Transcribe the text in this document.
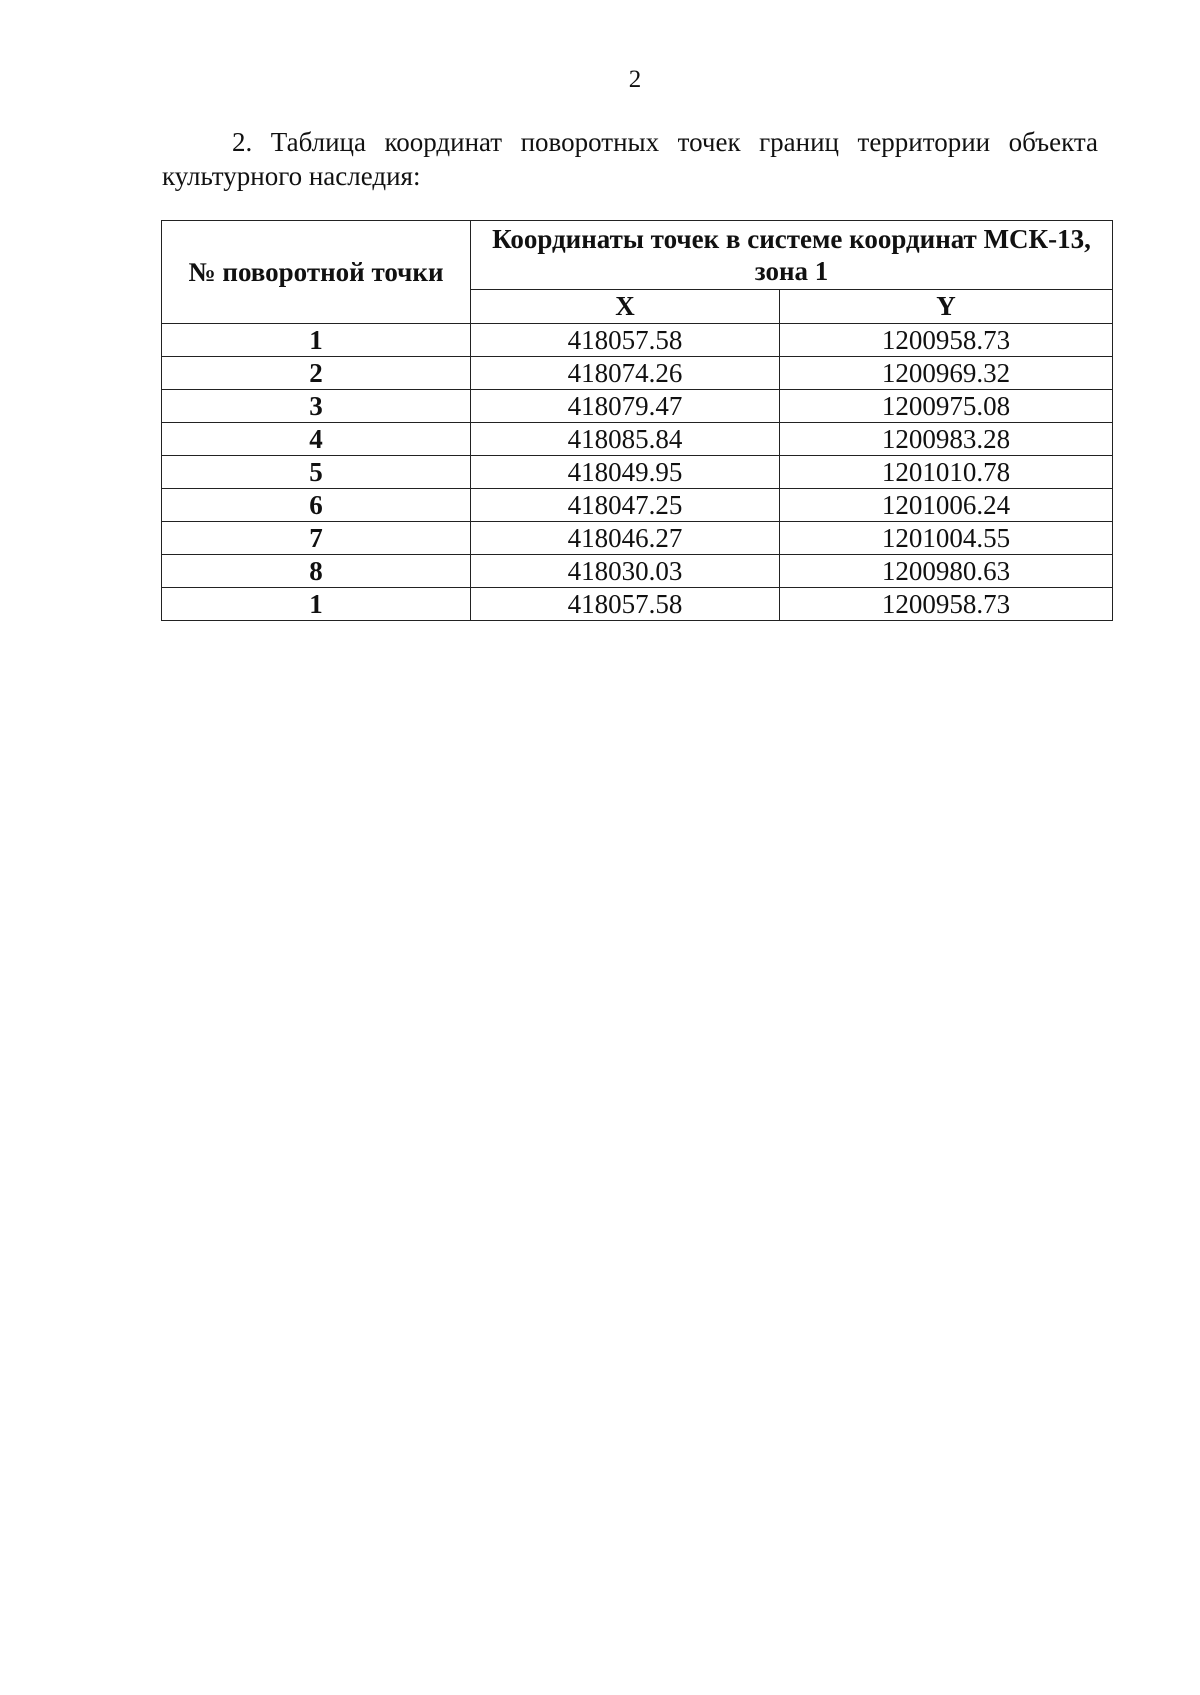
2
2. Таблица координат поворотных точек границ территории объекта культурного наследия:
№ поворотной точки	Координаты точек в системе координат МСК-13, зона 1	
	X	Y
1	418057.58	1200958.73
2	418074.26	1200969.32
3	418079.47	1200975.08
4	418085.84	1200983.28
5	418049.95	1201010.78
6	418047.25	1201006.24
7	418046.27	1201004.55
8	418030.03	1200980.63
1	418057.58	1200958.73
